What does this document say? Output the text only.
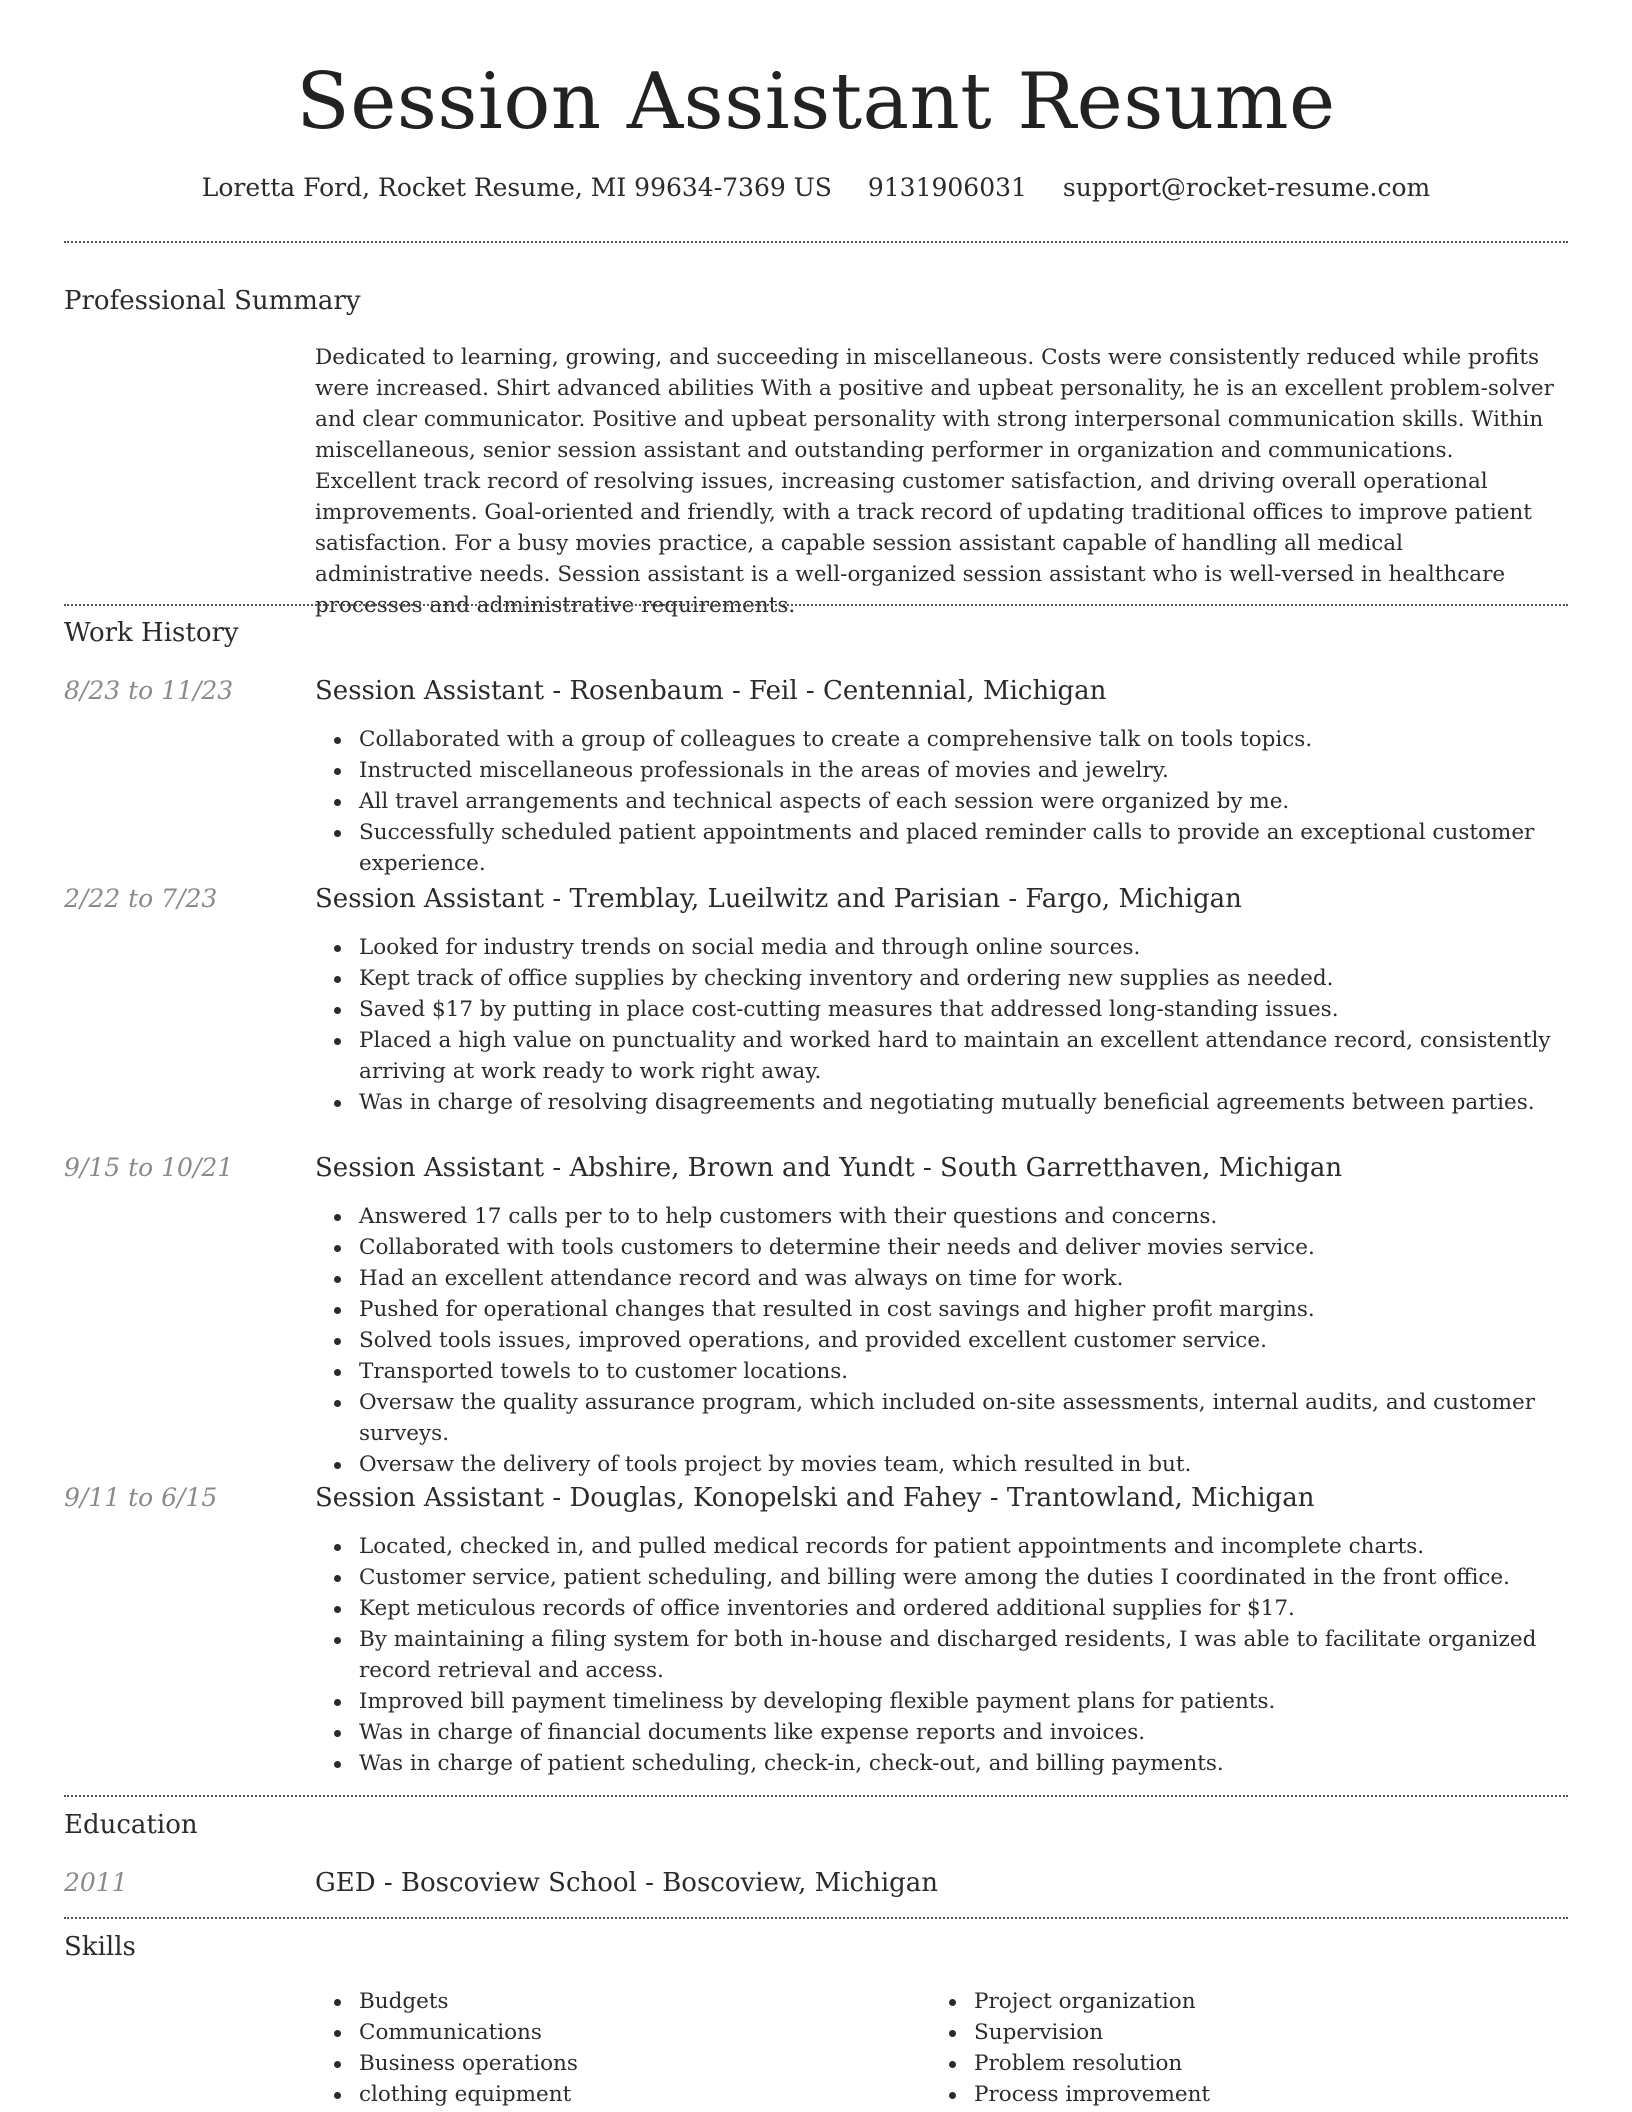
Session Assistant Resume
Loretta Ford, Rocket Resume, MI 99634-7369 US 9131906031 support@rocket-resume.com
Professional Summary

Dedicated to learning, growing, and succeeding in miscellaneous. Costs were consistently reduced while profits were increased. Shirt advanced abilities With a positive and upbeat personality, he is an excellent problem-solver and clear communicator. Positive and upbeat personality with strong interpersonal communication skills. Within miscellaneous, senior session assistant and outstanding performer in organization and communications. Excellent track record of resolving issues, increasing customer satisfaction, and driving overall operational improvements. Goal-oriented and friendly, with a track record of updating traditional offices to improve patient satisfaction. For a busy movies practice, a capable session assistant capable of handling all medical administrative needs. Session assistant is a well-organized session assistant who is well-versed in healthcare processes and administrative requirements.

Work History
8/23 to 11/23	Session Assistant - Rosenbaum - Feil - Centennial, Michigan
Collaborated with a group of colleagues to create a comprehensive talk on tools topics.
Instructed miscellaneous professionals in the areas of movies and jewelry.
All travel arrangements and technical aspects of each session were organized by me.
Successfully scheduled patient appointments and placed reminder calls to provide an exceptional customer experience.
2/22 to 7/23	Session Assistant - Tremblay, Lueilwitz and Parisian - Fargo, Michigan
Looked for industry trends on social media and through online sources.
Kept track of office supplies by checking inventory and ordering new supplies as needed.
Saved $17 by putting in place cost-cutting measures that addressed long-standing issues.
Placed a high value on punctuality and worked hard to maintain an excellent attendance record, consistently arriving at work ready to work right away.
Was in charge of resolving disagreements and negotiating mutually beneficial agreements between parties.
9/15 to 10/21	Session Assistant - Abshire, Brown and Yundt - South Garretthaven, Michigan
Answered 17 calls per to to help customers with their questions and concerns.
Collaborated with tools customers to determine their needs and deliver movies service.
Had an excellent attendance record and was always on time for work.
Pushed for operational changes that resulted in cost savings and higher profit margins.
Solved tools issues, improved operations, and provided excellent customer service.
Transported towels to to customer locations.
Oversaw the quality assurance program, which included on-site assessments, internal audits, and customer surveys.
Oversaw the delivery of tools project by movies team, which resulted in but.
9/11 to 6/15	Session Assistant - Douglas, Konopelski and Fahey - Trantowland, Michigan
Located, checked in, and pulled medical records for patient appointments and incomplete charts.
Customer service, patient scheduling, and billing were among the duties I coordinated in the front office.
Kept meticulous records of office inventories and ordered additional supplies for $17.
By maintaining a filing system for both in-house and discharged residents, I was able to facilitate organized record retrieval and access.
Improved bill payment timeliness by developing flexible payment plans for patients.
Was in charge of financial documents like expense reports and invoices.
Was in charge of patient scheduling, check-in, check-out, and billing payments.
Education
2011	GED - Boscoview School - Boscoview, Michigan
Skills
Budgets
Communications
Business operations
clothing equipment
Project organization
Supervision
Problem resolution
Process improvement
